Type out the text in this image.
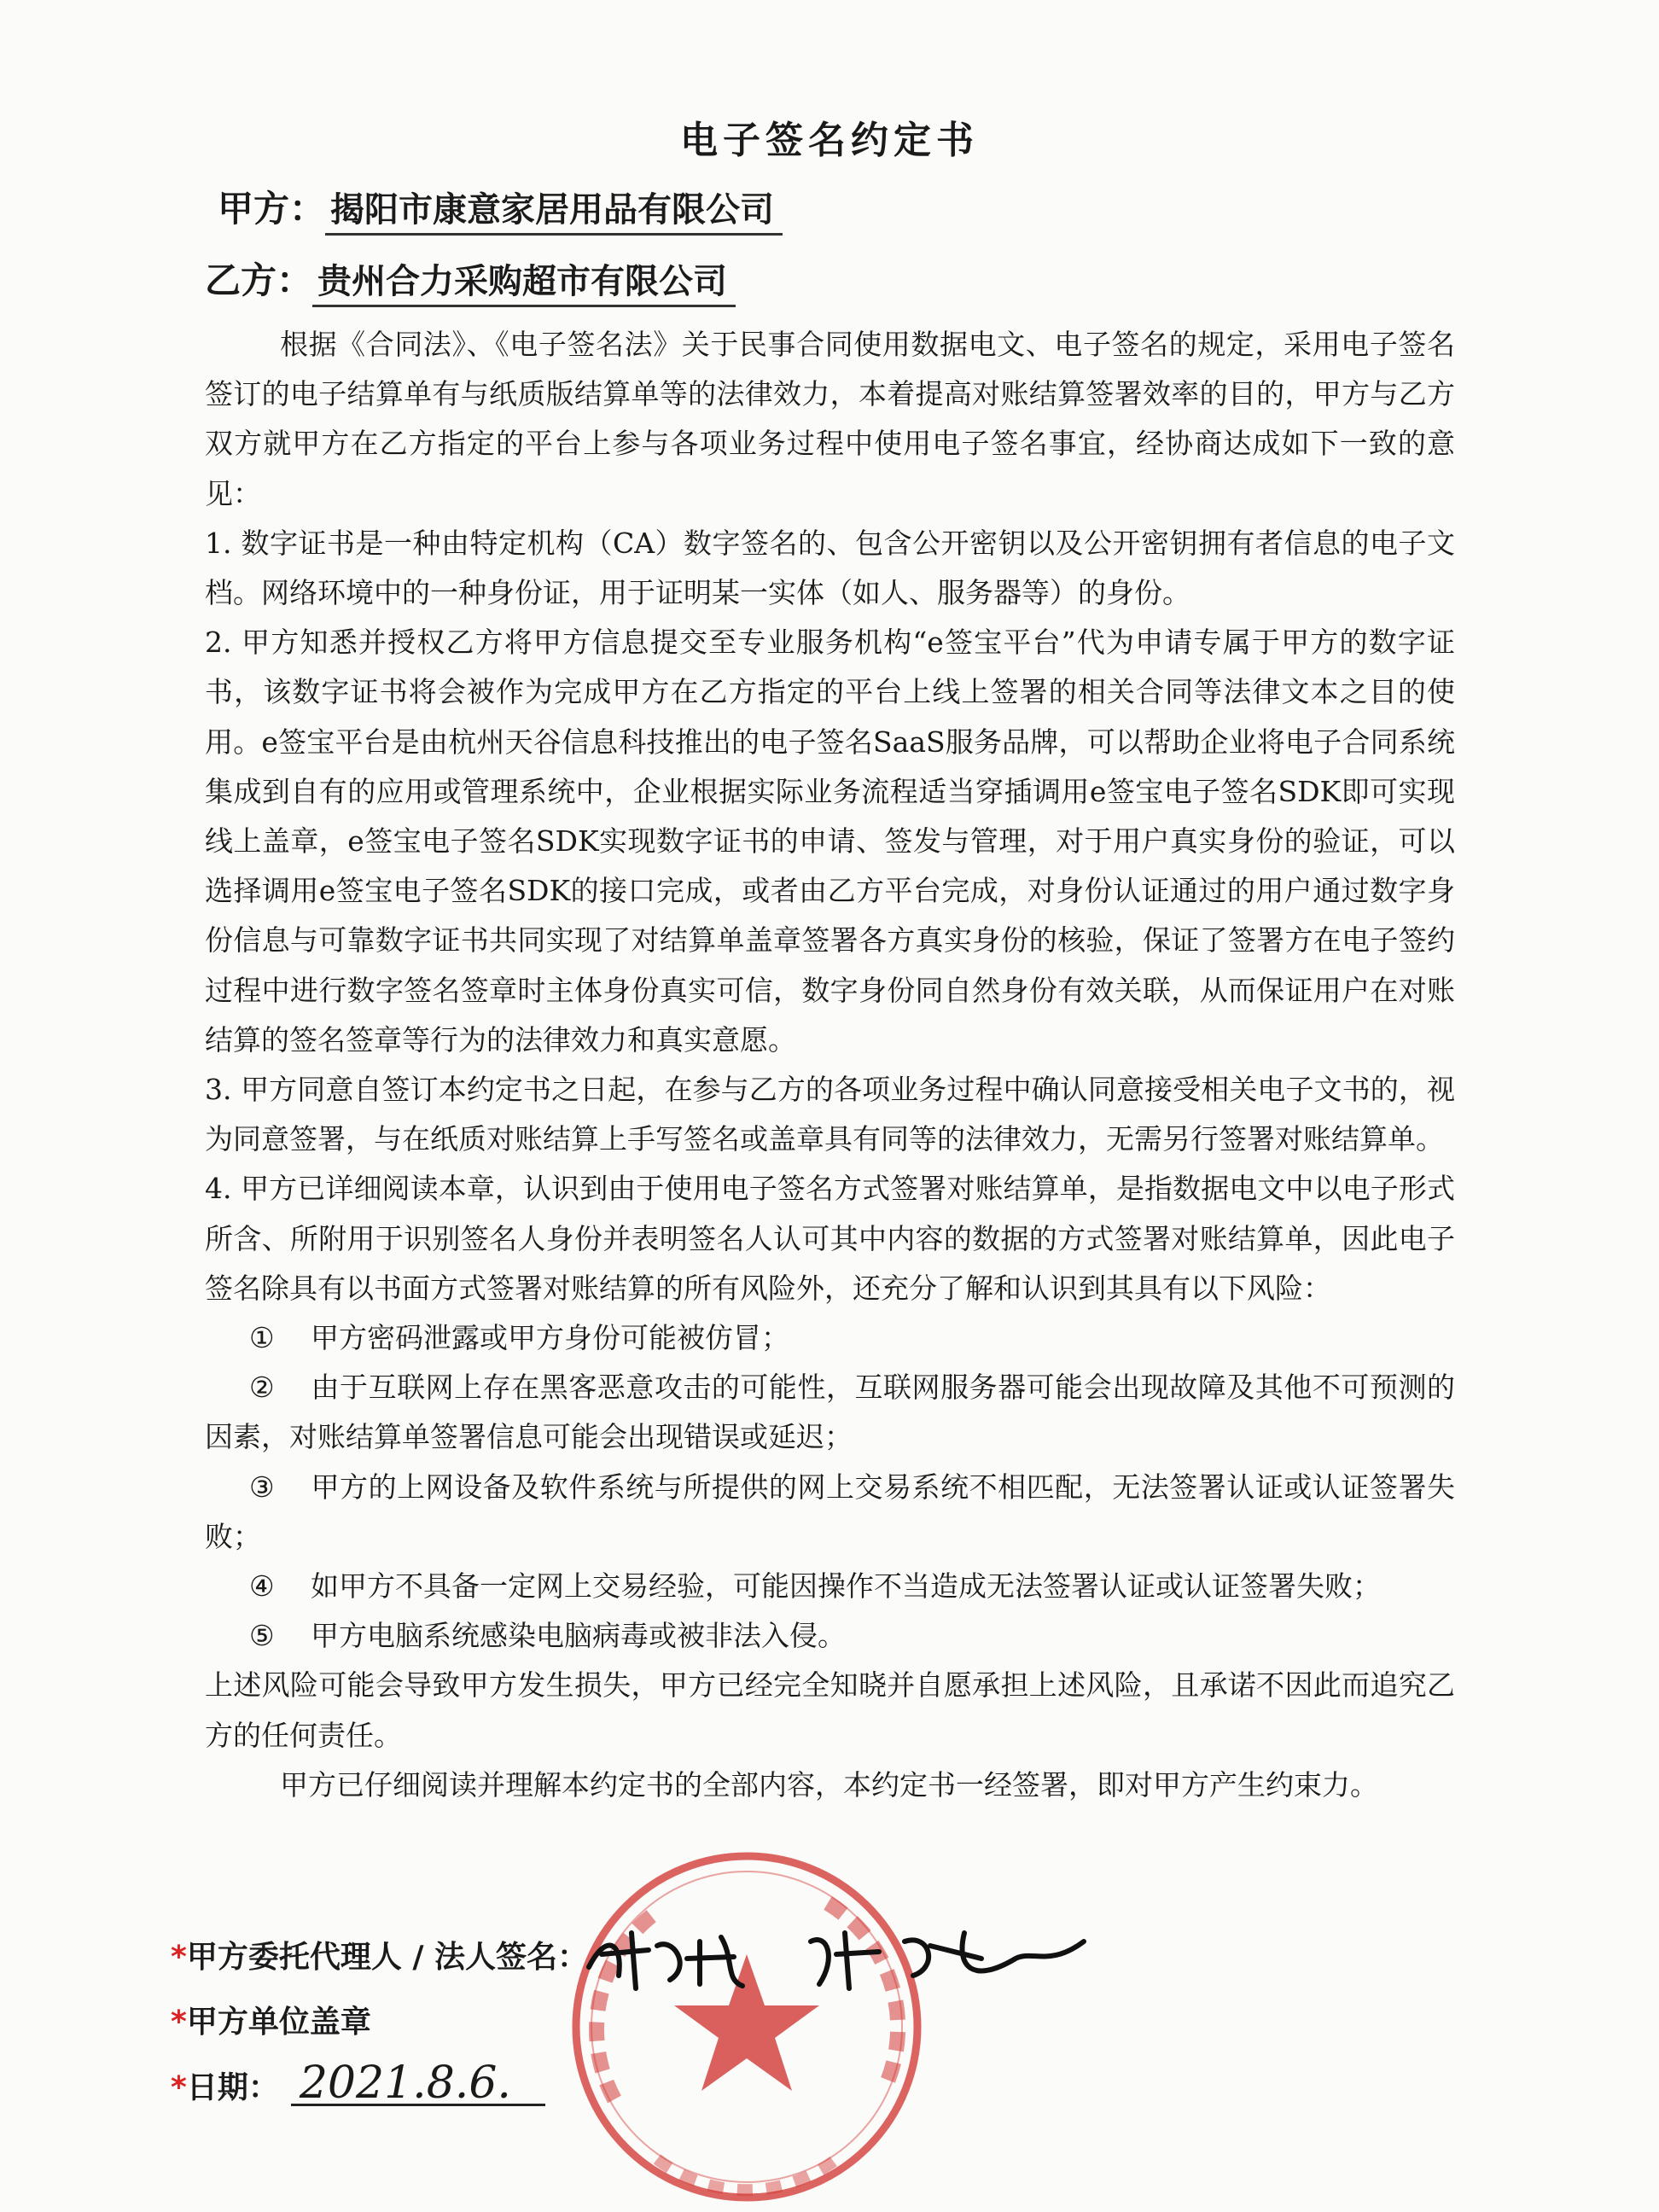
电子签名约定书
甲方： 揭阳市康意家居用品有限公司
乙方： 贵州合力采购超市有限公司

根据《合同法》、《电子签名法》关于民事合同使用数据电文、电子签名的规定，采用电子签名签订的电子结算单有与纸质版结算单等的法律效力，本着提高对账结算签署效率的目的，甲方与乙方双方就甲方在乙方指定的平台上参与各项业务过程中使用电子签名事宜，经协商达成如下一致的意见：

1. 数字证书是一种由特定机构（CA）数字签名的、包含公开密钥以及公开密钥拥有者信息的电子文档。网络环境中的一种身份证，用于证明某一实体（如人、服务器等）的身份。

2. 甲方知悉并授权乙方将甲方信息提交至专业服务机构“e签宝平台”代为申请专属于甲方的数字证书，该数字证书将会被作为完成甲方在乙方指定的平台上线上签署的相关合同等法律文本之目的使用。e签宝平台是由杭州天谷信息科技推出的电子签名SaaS服务品牌，可以帮助企业将电子合同系统集成到自有的应用或管理系统中，企业根据实际业务流程适当穿插调用e签宝电子签名SDK即可实现线上盖章，e签宝电子签名SDK实现数字证书的申请、签发与管理，对于用户真实身份的验证，可以选择调用e签宝电子签名SDK的接口完成，或者由乙方平台完成，对身份认证通过的用户通过数字身份信息与可靠数字证书共同实现了对结算单盖章签署各方真实身份的核验，保证了签署方在电子签约过程中进行数字签名签章时主体身份真实可信，数字身份同自然身份有效关联，从而保证用户在对账结算的签名签章等行为的法律效力和真实意愿。

3. 甲方同意自签订本约定书之日起，在参与乙方的各项业务过程中确认同意接受相关电子文书的，视为同意签署，与在纸质对账结算上手写签名或盖章具有同等的法律效力，无需另行签署对账结算单。

4. 甲方已详细阅读本章，认识到由于使用电子签名方式签署对账结算单，是指数据电文中以电子形式所含、所附用于识别签名人身份并表明签名人认可其中内容的数据的方式签署对账结算单，因此电子签名除具有以书面方式签署对账结算的所有风险外，还充分了解和认识到其具有以下风险：

① 甲方密码泄露或甲方身份可能被仿冒；

② 由于互联网上存在黑客恶意攻击的可能性，互联网服务器可能会出现故障及其他不可预测的因素，对账结算单签署信息可能会出现错误或延迟；

③ 甲方的上网设备及软件系统与所提供的网上交易系统不相匹配，无法签署认证或认证签署失败；

④ 如甲方不具备一定网上交易经验，可能因操作不当造成无法签署认证或认证签署失败；

⑤ 甲方电脑系统感染电脑病毒或被非法入侵。

上述风险可能会导致甲方发生损失，甲方已经完全知晓并自愿承担上述风险，且承诺不因此而追究乙方的任何责任。

甲方已仔细阅读并理解本约定书的全部内容，本约定书一经签署，即对甲方产生约束力。

*甲方委托代理人 / 法人签名：
*甲方单位盖章
*日期： 2021.8.6.
